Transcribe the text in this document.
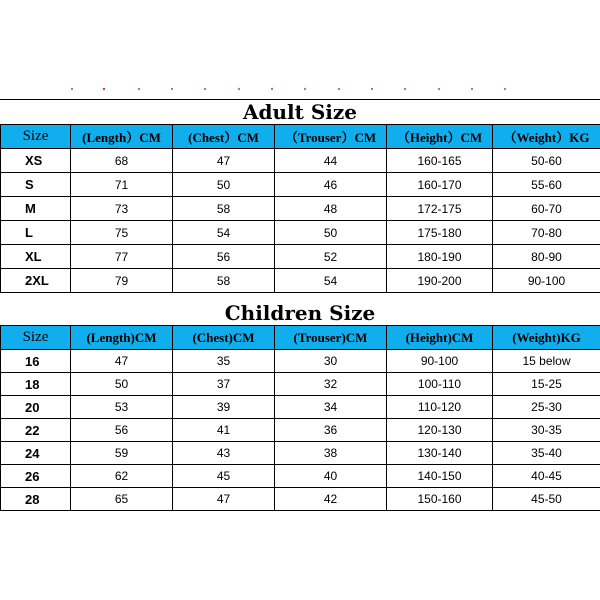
Adult Size
Size	(Length）CM	(Chest）CM	（Trouser）CM	（Height）CM	（Weight）KG
XS	68	47	44	160-165	50-60
S	71	50	46	160-170	55-60
M	73	58	48	172-175	60-70
L	75	54	50	175-180	70-80
XL	77	56	52	180-190	80-90
2XL	79	58	54	190-200	90-100
Children Size
Size	(Length)CM	(Chest)CM	(Trouser)CM	(Height)CM	(Weight)KG
16	47	35	30	90-100	15 below
18	50	37	32	100-110	15-25
20	53	39	34	110-120	25-30
22	56	41	36	120-130	30-35
24	59	43	38	130-140	35-40
26	62	45	40	140-150	40-45
28	65	47	42	150-160	45-50
